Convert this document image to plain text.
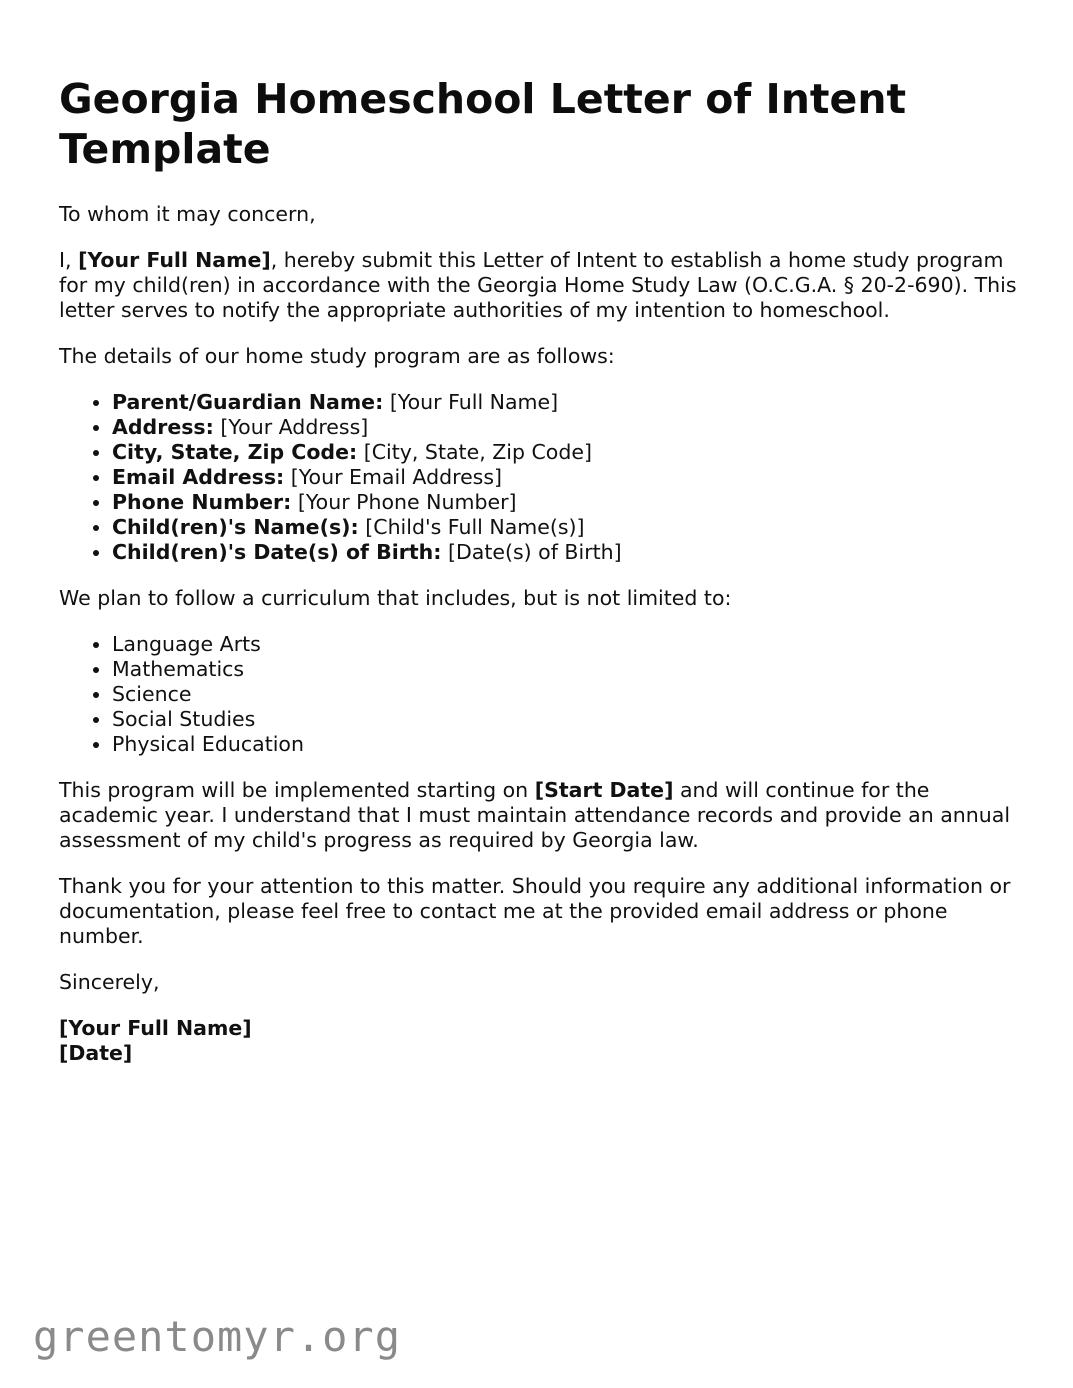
Georgia Homeschool Letter of Intent Template

To whom it may concern,

I, [Your Full Name], hereby submit this Letter of Intent to establish a home study program for my child(ren) in accordance with the Georgia Home Study Law (O.C.G.A. § 20-2-690). This letter serves to notify the appropriate authorities of my intention to homeschool.

The details of our home study program are as follows:

• Parent/Guardian Name: [Your Full Name]
• Address: [Your Address]
• City, State, Zip Code: [City, State, Zip Code]
• Email Address: [Your Email Address]
• Phone Number: [Your Phone Number]
• Child(ren)'s Name(s): [Child's Full Name(s)]
• Child(ren)'s Date(s) of Birth: [Date(s) of Birth]

We plan to follow a curriculum that includes, but is not limited to:

• Language Arts
• Mathematics
• Science
• Social Studies
• Physical Education

This program will be implemented starting on [Start Date] and will continue for the academic year. I understand that I must maintain attendance records and provide an annual assessment of my child's progress as required by Georgia law.

Thank you for your attention to this matter. Should you require any additional information or documentation, please feel free to contact me at the provided email address or phone number.

Sincerely,

[Your Full Name]
[Date]

greentomyr.org
